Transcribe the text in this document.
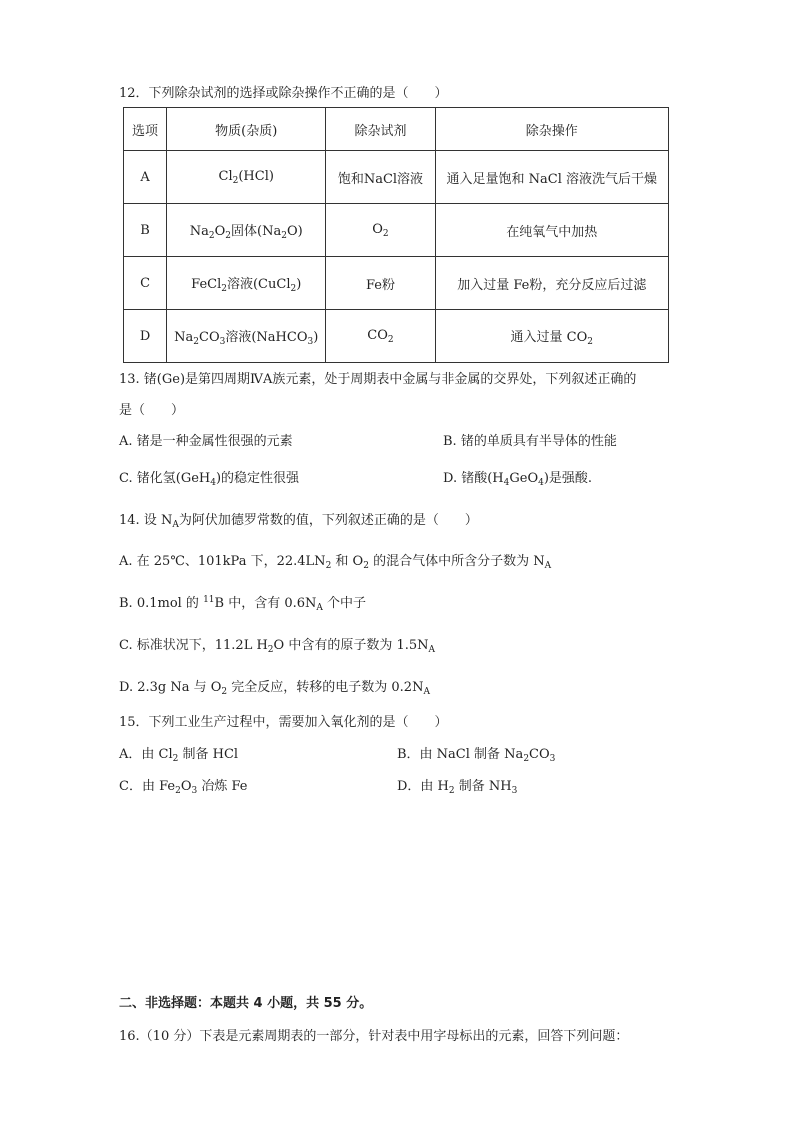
12．下列除杂试剂的选择或除杂操作不正确的是（　　）
选项	物质(杂质)	除杂试剂	除杂操作
A	$Cl_2(HCl)$	饱和NaCl溶液	通入足量饱和 NaCl 溶液洗气后干燥
B	$Na_2O_2$固体$(Na_2O)$	$O_2$	在纯氧气中加热
C	FeCl$_2$溶液(CuCl$_2$)	Fe粉	加入过量 Fe粉，充分反应后过滤
D	$Na_2CO_3$溶液(NaHCO$_3$)	$CO_2$	通入过量 $CO_2$
13. 锗(Ge)是第四周期ⅣA族元素，处于周期表中金属与非金属的交界处，下列叙述正确的
是（　　）
A. 锗是一种金属性很强的元素	B. 锗的单质具有半导体的性能
C. 锗化氢(GeH$_4$)的稳定性很强	D. 锗酸$(H_4GeO_4)$是强酸.
14. 设 $N_A$为阿伏加德罗常数的值，下列叙述正确的是（　　）
A. 在 25℃、101kPa 下，$22.4LN_2$ 和 $O_2$ 的混合气体中所含分子数为 $N_A$
B. 0.1mol 的 $^{11}$B 中，含有 $0.6N_A$ 个中子
C. 标准状况下，11.2L $H_2O$ 中含有的原子数为 $1.5N_A$
D. 2.3g Na 与 $O_2$ 完全反应，转移的电子数为 $0.2N_A$
15．下列工业生产过程中，需要加入氧化剂的是（　　）
A．由 $Cl_2$ 制备 HCl	B．由 NaCl 制备 $Na_2CO_3$
C．由 $Fe_2O_3$ 冶炼 Fe	D．由 $H_2$ 制备 $NH_3$
二、非选择题：本题共 4 小题，共 55 分。
16.（10 分）下表是元素周期表的一部分，针对表中用字母标出的元素，回答下列问题：
